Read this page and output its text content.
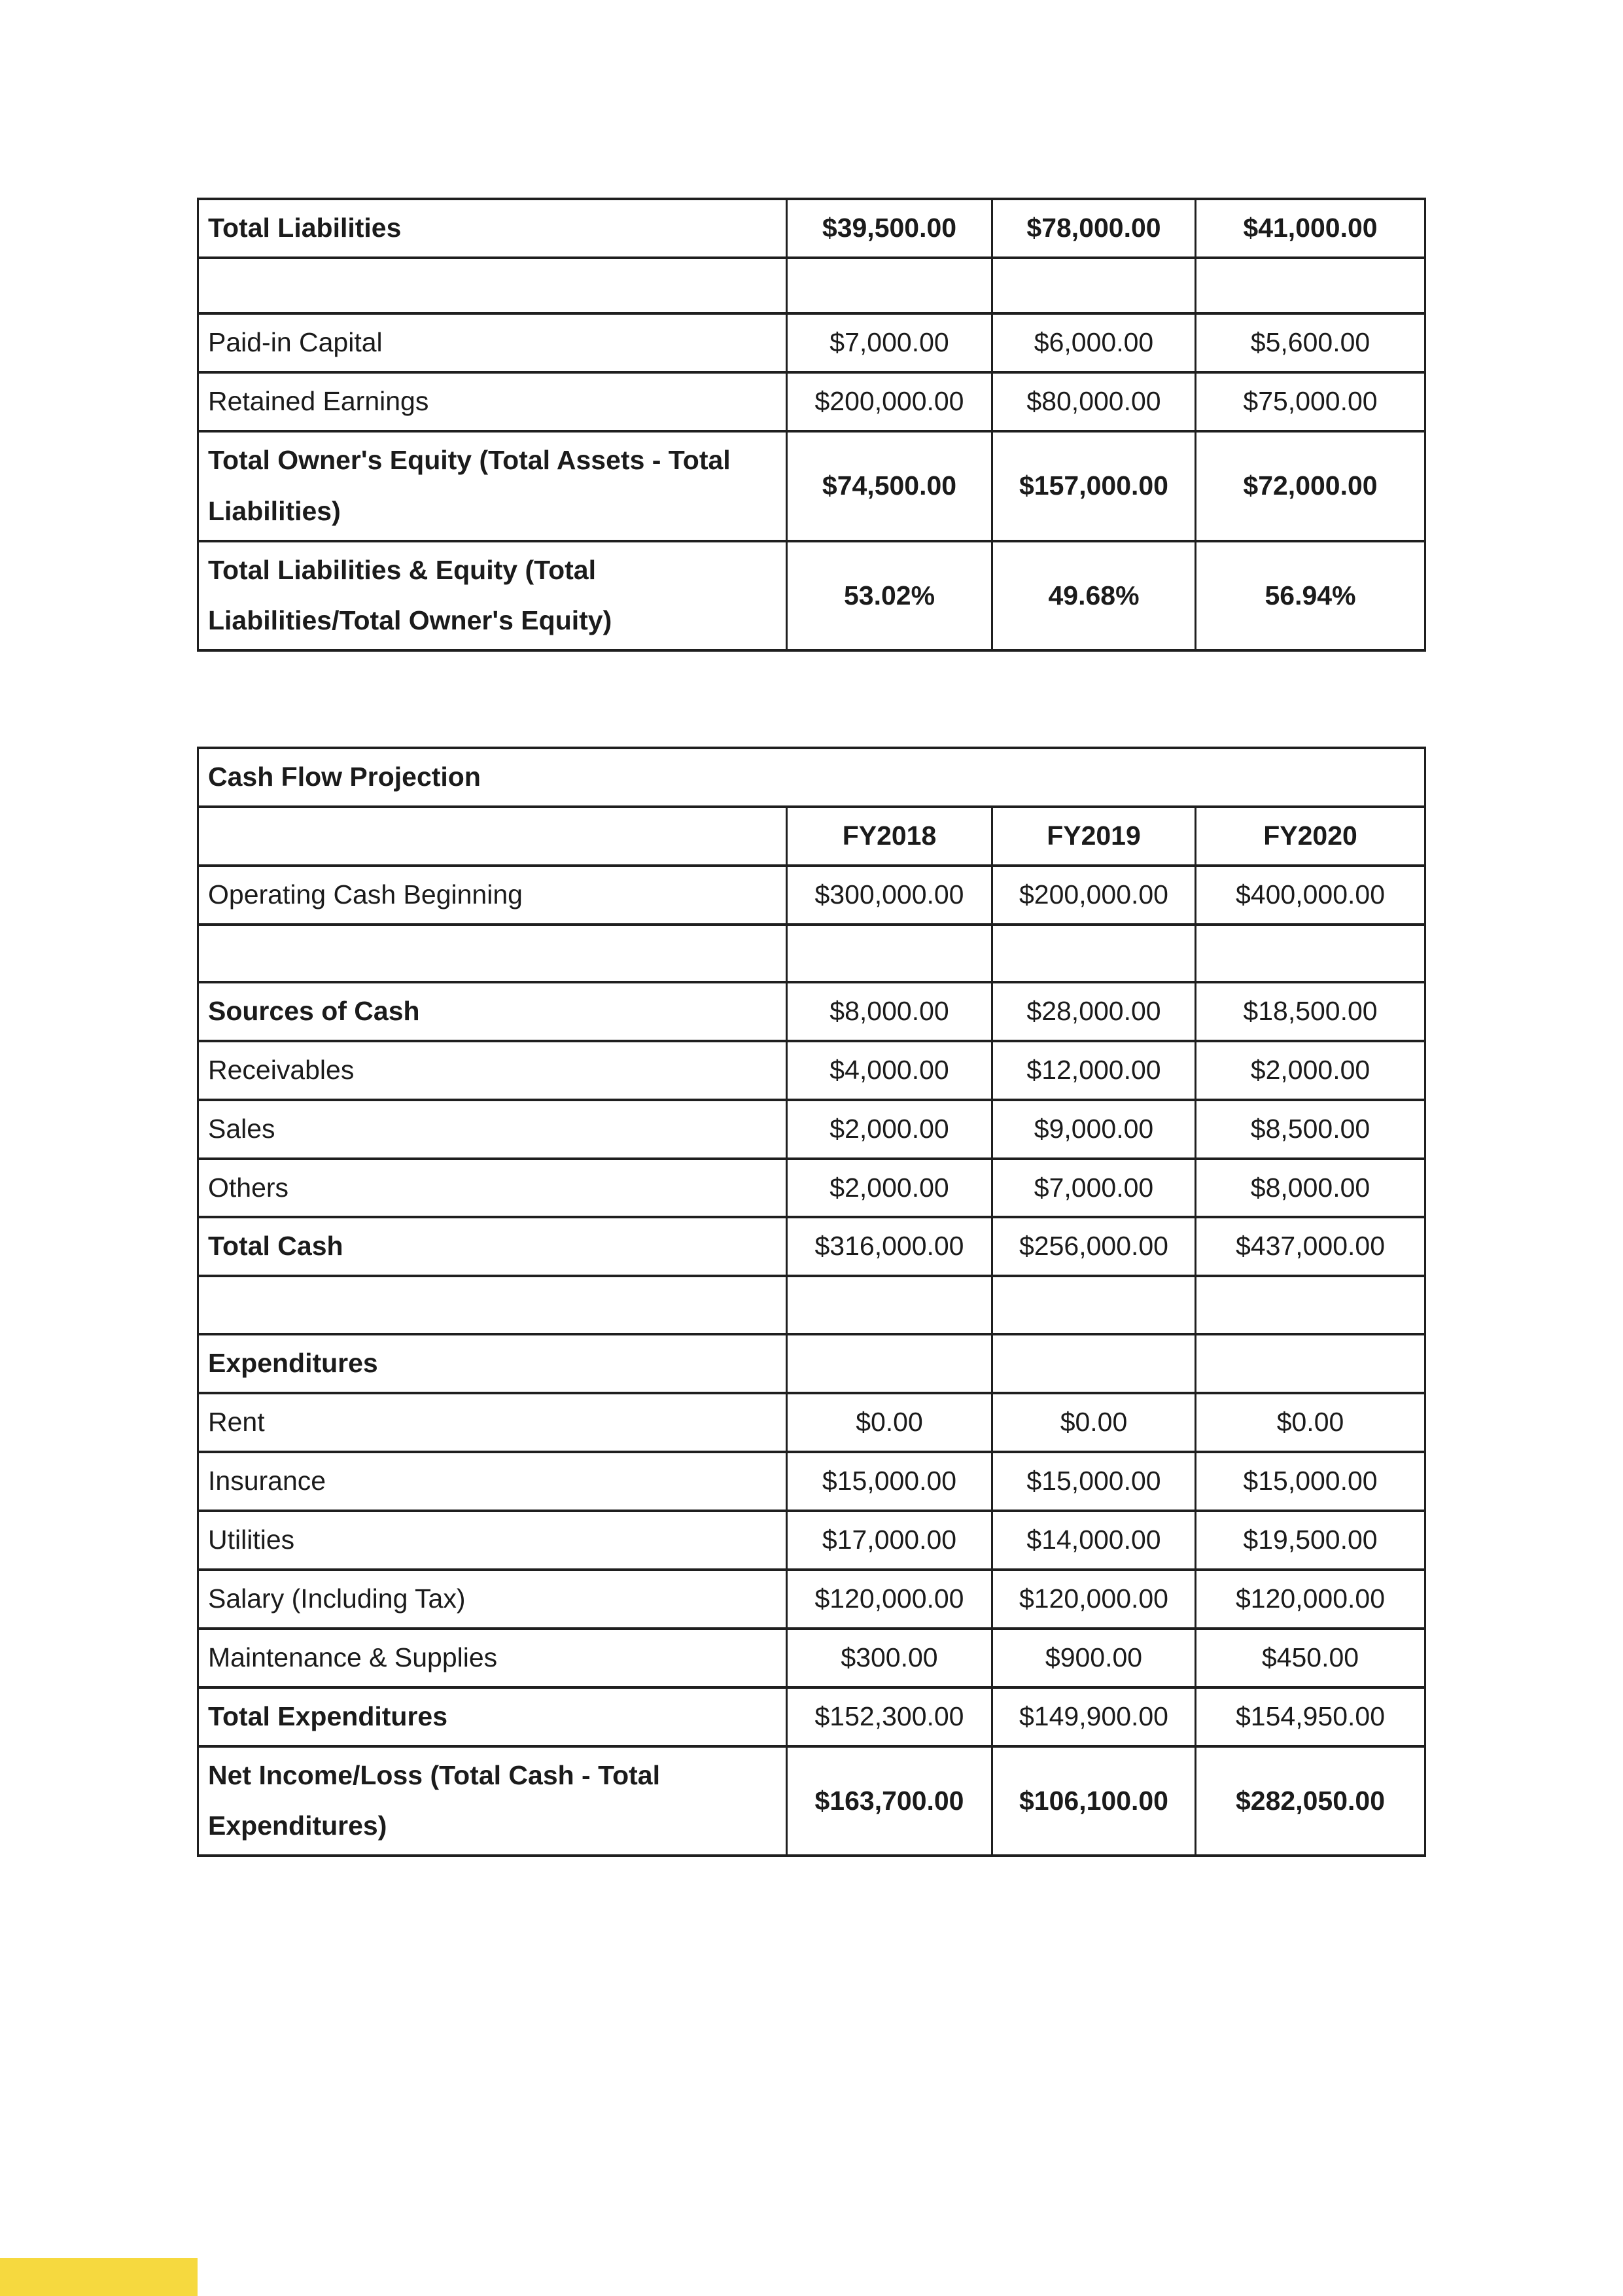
Total Liabilities	$39,500.00	$78,000.00	$41,000.00

Paid-in Capital	$7,000.00	$6,000.00	$5,600.00
Retained Earnings	$200,000.00	$80,000.00	$75,000.00
Total Owner's Equity (Total Assets - Total Liabilities)	$74,500.00	$157,000.00	$72,000.00
Total Liabilities & Equity (Total Liabilities/Total Owner's Equity)	53.02%	49.68%	56.94%
Cash Flow Projection			
	FY2018	FY2019	FY2020
Operating Cash Beginning	$300,000.00	$200,000.00	$400,000.00

Sources of Cash	$8,000.00	$28,000.00	$18,500.00
Receivables	$4,000.00	$12,000.00	$2,000.00
Sales	$2,000.00	$9,000.00	$8,500.00
Others	$2,000.00	$7,000.00	$8,000.00
Total Cash	$316,000.00	$256,000.00	$437,000.00

Expenditures			
Rent	$0.00	$0.00	$0.00
Insurance	$15,000.00	$15,000.00	$15,000.00
Utilities	$17,000.00	$14,000.00	$19,500.00
Salary (Including Tax)	$120,000.00	$120,000.00	$120,000.00
Maintenance & Supplies	$300.00	$900.00	$450.00
Total Expenditures	$152,300.00	$149,900.00	$154,950.00
Net Income/Loss (Total Cash - Total Expenditures)	$163,700.00	$106,100.00	$282,050.00
